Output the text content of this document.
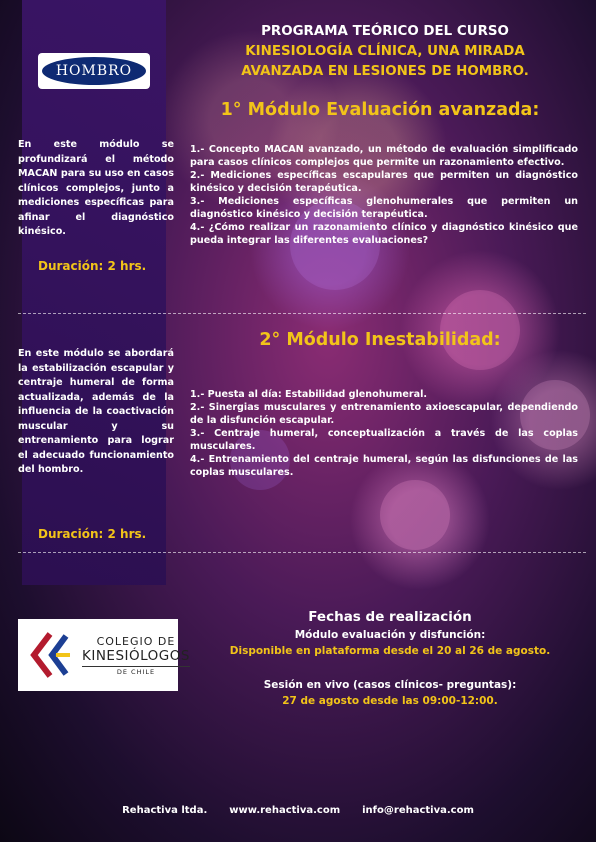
HOMBRO
PROGRAMA TEÓRICO DEL CURSO
KINESIOLOGÍA CLÍNICA, UNA MIRADA
AVANZADA EN LESIONES DE HOMBRO.
En este módulo se profundizará el método MACAN para su uso en casos clínicos complejos, junto a mediciones específicas para afinar el diagnóstico kinésico.
Duración: 2 hrs.
1° Módulo Evaluación avanzada:

1.- Concepto MACAN avanzado, un método de evaluación simplificado para casos clínicos complejos que permite un razonamiento efectivo.

2.- Mediciones específicas escapulares que permiten un diagnóstico kinésico y decisión terapéutica.

3.- Mediciones específicas glenohumerales que permiten un diagnóstico kinésico y decisión terapéutica.

4.- ¿Cómo realizar un razonamiento clínico y diagnóstico kinésico que pueda integrar las diferentes evaluaciones?

En este módulo se abordará la estabilización escapular y centraje humeral de forma actualizada, además de la influencia de la coactivación muscular y su entrenamiento para lograr el adecuado funcionamiento del hombro.
Duración: 2 hrs.
2° Módulo Inestabilidad:

1.- Puesta al día: Estabilidad glenohumeral.

2.- Sinergias musculares y entrenamiento axioescapular, dependiendo de la disfunción escapular.

3.- Centraje humeral, conceptualización a través de las coplas musculares.

4.- Entrenamiento del centraje humeral, según las disfunciones de las coplas musculares.

COLEGIO DE
KINESIÓLOGOS
DE CHILE
Fechas de realización
Módulo evaluación y disfunción:
Disponible en plataforma desde el 20 al 26 de agosto.
Sesión en vivo (casos clínicos- preguntas):
27 de agosto desde las 09:00-12:00.
Rehactiva ltda. www.rehactiva.com info@rehactiva.com
